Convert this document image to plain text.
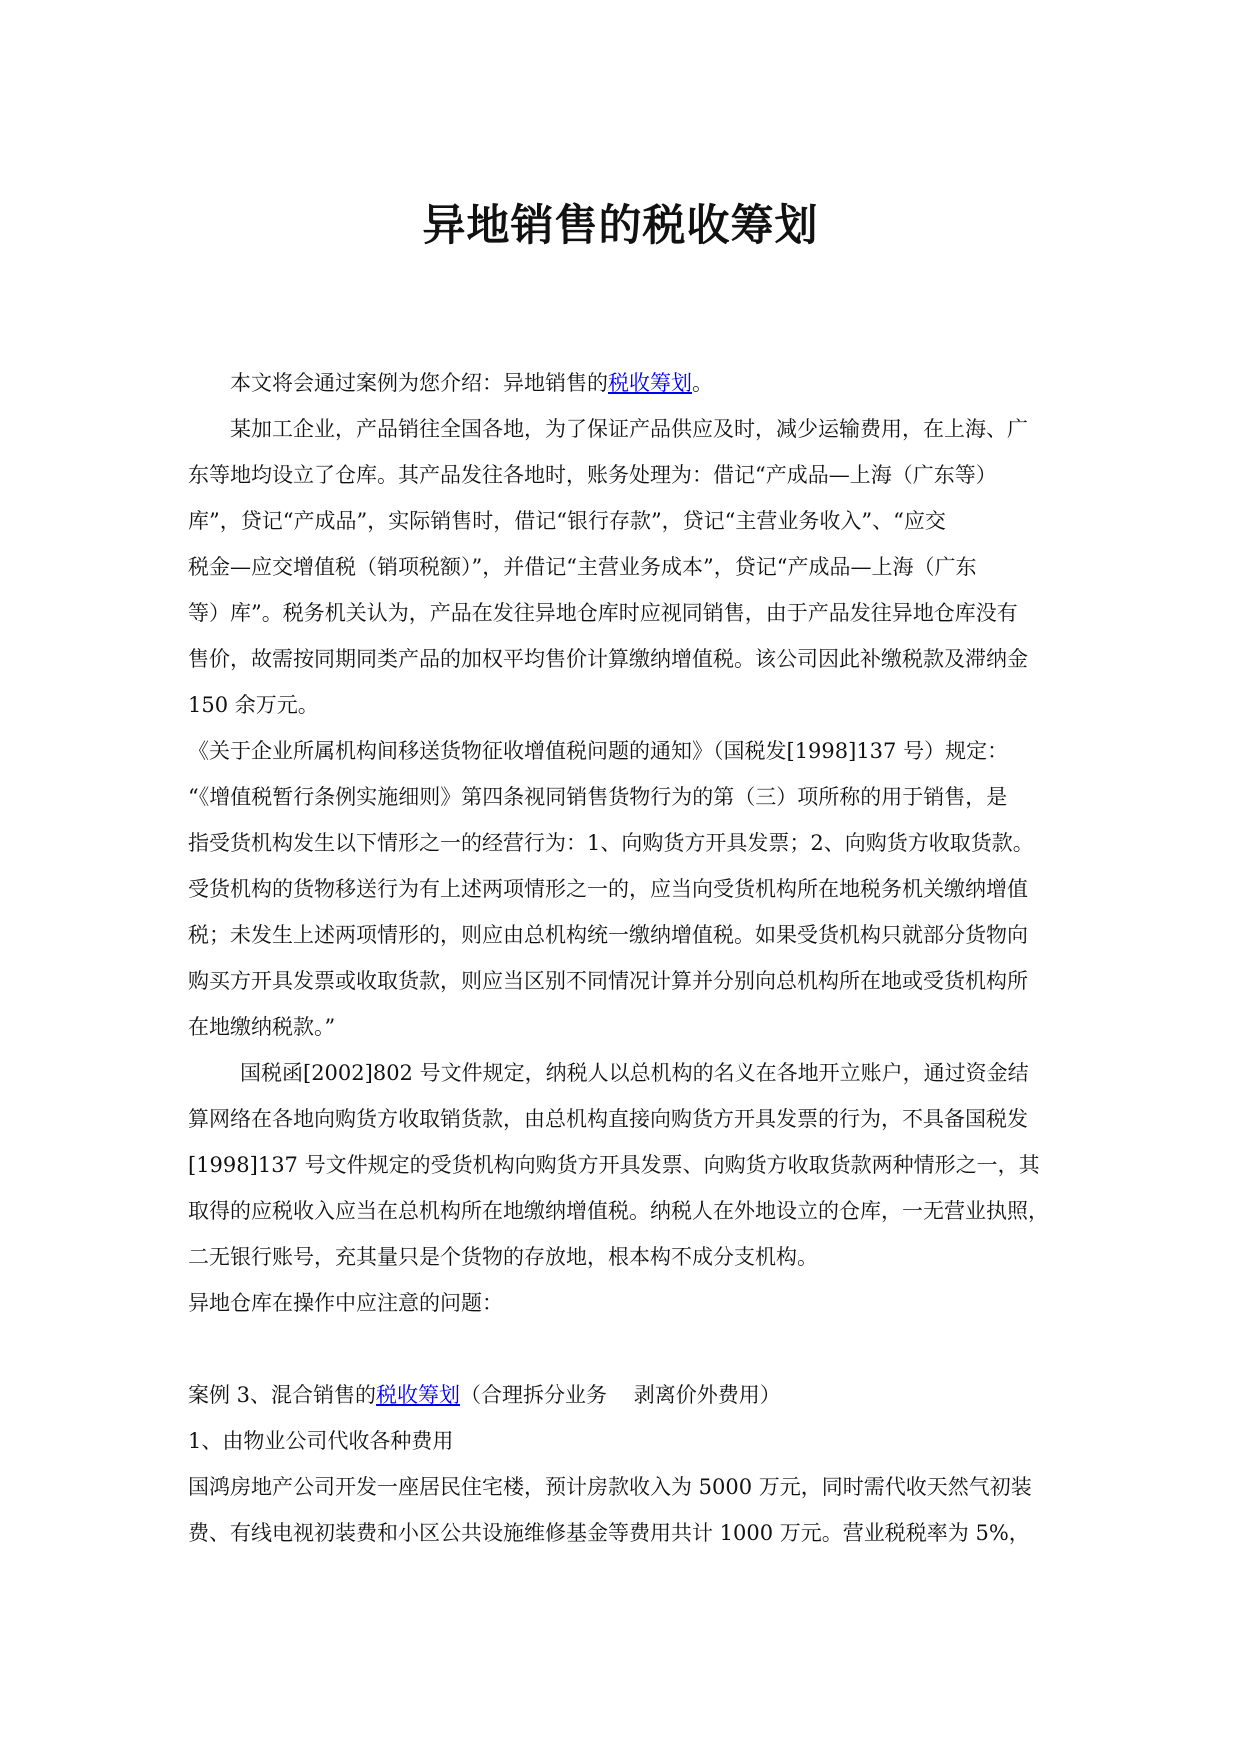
异地销售的税收筹划
本文将会通过案例为您介绍：异地销售的税收筹划。
某加工企业，产品销往全国各地，为了保证产品供应及时，减少运输费用，在上海、广
东等地均设立了仓库。其产品发往各地时，账务处理为：借记“产成品—上海（广东等）
库”，贷记“产成品”，实际销售时，借记“银行存款”，贷记“主营业务收入”、“应交
税金—应交增值税（销项税额）”，并借记“主营业务成本”，贷记“产成品—上海（广东
等）库”。税务机关认为，产品在发往异地仓库时应视同销售，由于产品发往异地仓库没有
售价，故需按同期同类产品的加权平均售价计算缴纳增值税。该公司因此补缴税款及滞纳金
150 余万元。
《关于企业所属机构间移送货物征收增值税问题的通知》（国税发[1998]137 号）规定：
“《增值税暂行条例实施细则》第四条视同销售货物行为的第（三）项所称的用于销售，是
指受货机构发生以下情形之一的经营行为：1、向购货方开具发票；2、向购货方收取货款。
受货机构的货物移送行为有上述两项情形之一的，应当向受货机构所在地税务机关缴纳增值
税；未发生上述两项情形的，则应由总机构统一缴纳增值税。如果受货机构只就部分货物向
购买方开具发票或收取货款，则应当区别不同情况计算并分别向总机构所在地或受货机构所
在地缴纳税款。”
国税函[2002]802 号文件规定，纳税人以总机构的名义在各地开立账户，通过资金结
算网络在各地向购货方收取销货款，由总机构直接向购货方开具发票的行为，不具备国税发
[1998]137 号文件规定的受货机构向购货方开具发票、向购货方收取货款两种情形之一，其
取得的应税收入应当在总机构所在地缴纳增值税。纳税人在外地设立的仓库，一无营业执照，
二无银行账号，充其量只是个货物的存放地，根本构不成分支机构。
异地仓库在操作中应注意的问题：
案例 3、混合销售的税收筹划（合理拆分业务    剥离价外费用）
1、由物业公司代收各种费用
国鸿房地产公司开发一座居民住宅楼，预计房款收入为 5000 万元，同时需代收天然气初装
费、有线电视初装费和小区公共设施维修基金等费用共计 1000 万元。营业税税率为 5%，
